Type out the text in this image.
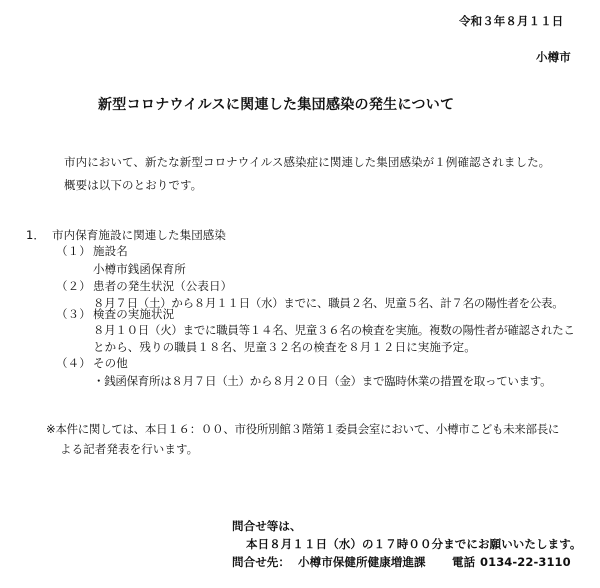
令和３年８月１１日
小樽市
新型コロナウイルスに関連した集団感染の発生について
市内において、新たな新型コロナウイルス感染症に関連した集団感染が１例確認されました。
概要は以下のとおりです。
1． 市内保育施設に関連した集団感染
（１） 施設名
小樽市銭函保育所
（２） 患者の発生状況（公表日）
８月７日（土）から８月１１日（水）までに、職員２名、児童５名、計７名の陽性者を公表。
（３） 検査の実施状況
８月１０日（火）までに職員等１４名、児童３６名の検査を実施。複数の陽性者が確認されたこ
とから、残りの職員１８名、児童３２名の検査を８月１２日に実施予定。
（４） その他
・銭函保育所は８月７日（土）から８月２０日（金）まで臨時休業の措置を取っています。
※本件に関しては、本日１６：００、市役所別館３階第１委員会室において、小樽市こども未来部長に
よる記者発表を行います。
問合せ等は、
本日８月１１日（水）の１７時００分までにお願いいたします。
問合せ先： 小樽市保健所健康増進課 電話 0134-22-3110
